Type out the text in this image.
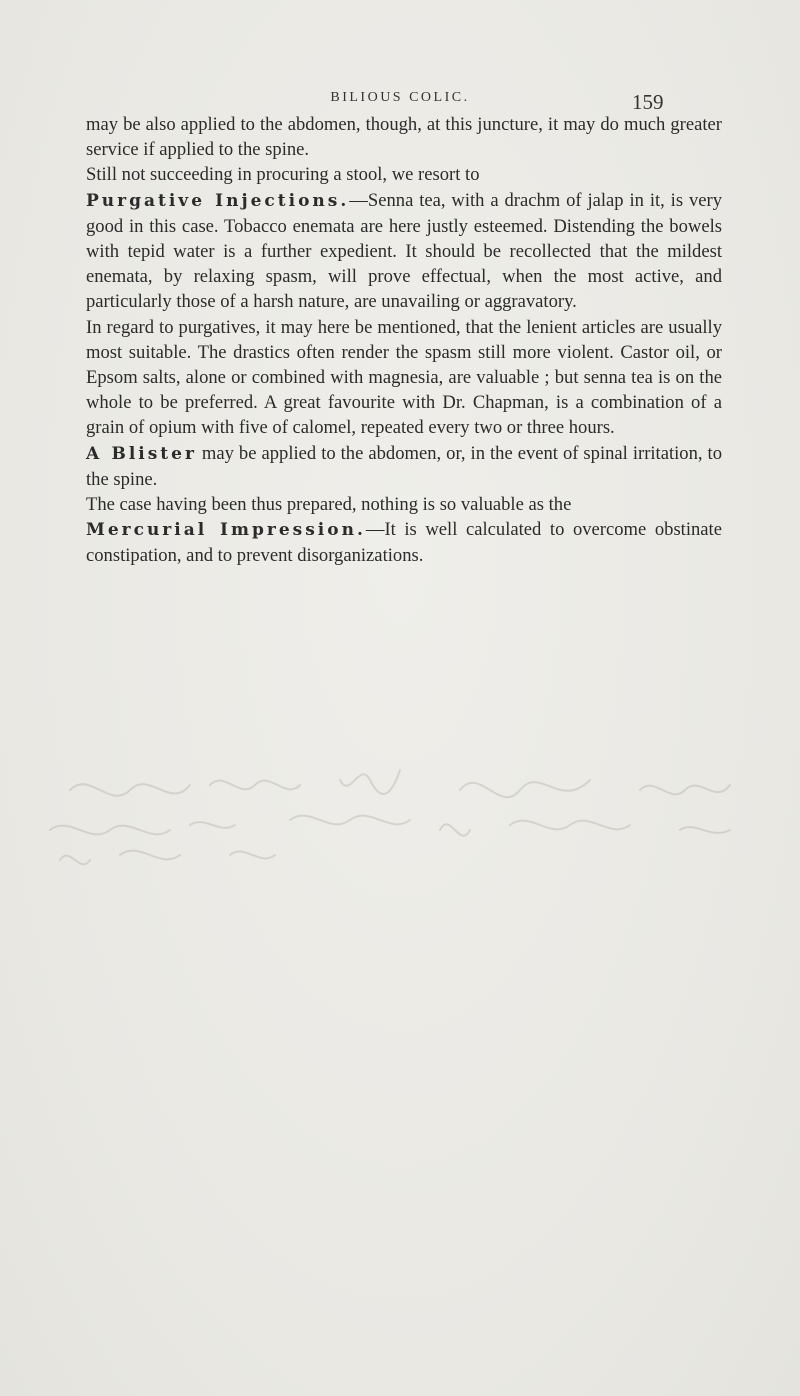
BILIOUS COLIC.	159

may be also applied to the abdomen, though, at this juncture, it may do much greater service if applied to the spine.

Still not succeeding in procuring a stool, we resort to

Purgative Injections.—Senna tea, with a drachm of jalap in it, is very good in this case. Tobacco enemata are here justly esteemed. Distending the bowels with tepid water is a further expedient. It should be recollected that the mildest enemata, by relaxing spasm, will prove effectual, when the most active, and particularly those of a harsh nature, are unavailing or aggravatory.

In regard to purgatives, it may here be mentioned, that the lenient articles are usually most suitable. The drastics often render the spasm still more violent. Castor oil, or Epsom salts, alone or combined with magnesia, are valuable ; but senna tea is on the whole to be preferred. A great favourite with Dr. Chapman, is a combination of a grain of opium with five of calomel, repeated every two or three hours.

A Blister may be applied to the abdomen, or, in the event of spinal irritation, to the spine.

The case having been thus prepared, nothing is so valuable as the

Mercurial Impression.—It is well calculated to overcome obstinate constipation, and to prevent disorganizations.
